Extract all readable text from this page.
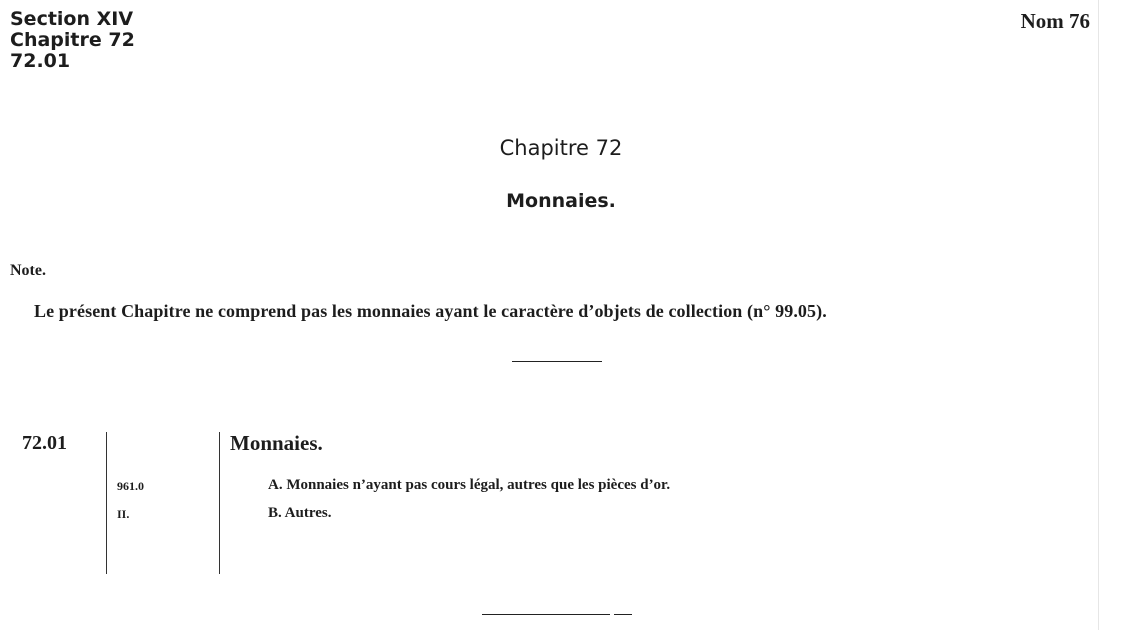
Section XIV
Chapitre 72
72.01
Nom 76
Chapitre 72
Monnaies.
Note.
Le présent Chapitre ne comprend pas les monnaies ayant le caractère d’objets de collection (n° 99.05).
72.01	Monnaies.
961.0	A. Monnaies n’ayant pas cours légal, autres que les pièces d’or.
II.	B. Autres.
